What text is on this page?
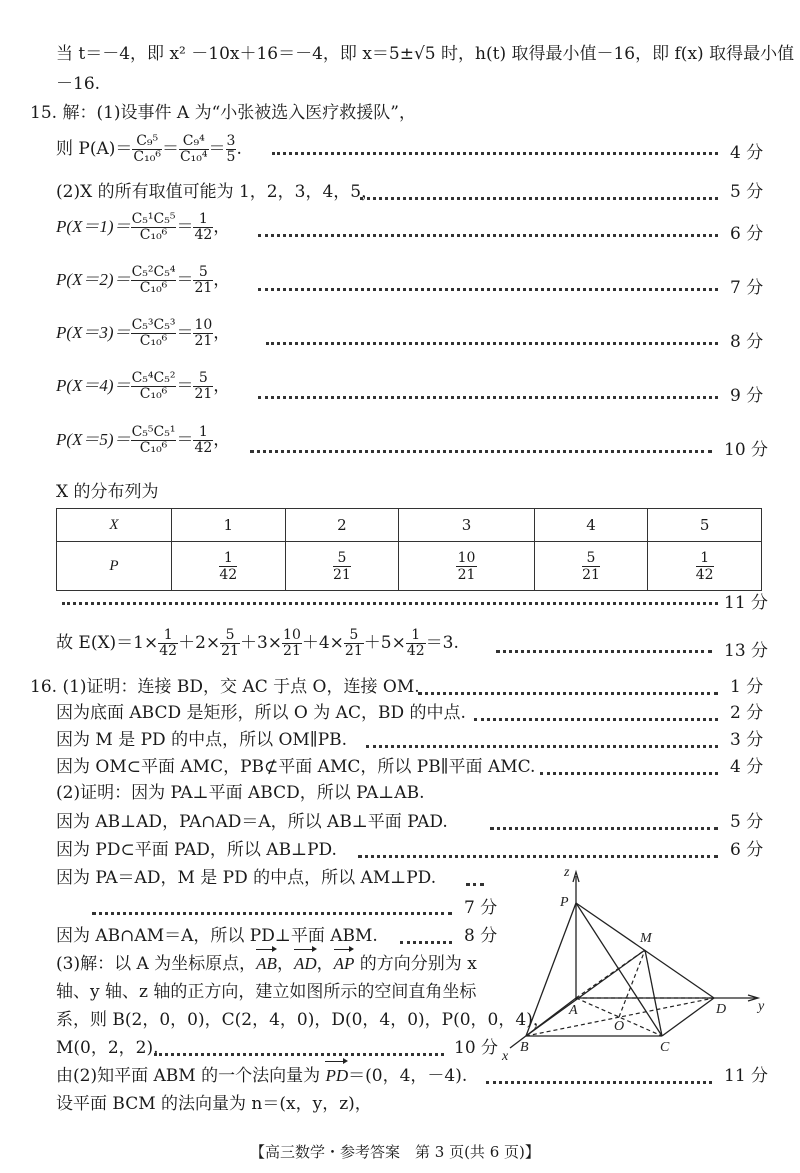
当 t＝－4，即 x² －10x＋16＝－4，即 x＝5±√5 时，h(t) 取得最小值－16，即 f(x) 取得最小值
－16.
15. 解：(1)设事件 A 为“小张被选入医疗救援队”，
则 $P(A)= \frac{\text{C₉⁵}}{\text{C₁₀⁶}} = \frac{\text{C₉⁴}}{\text{C₁₀⁴}} = \frac{3}{5}$ .	4 分
(2)X 的所有取值可能为 1，2，3，4，5，	5 分
$P(X=1)= \frac{\text{C₅¹C₅⁵}}{\text{C₁₀⁶}} = \frac{1}{42}$ ，	6 分
$P(X=2)= \frac{\text{C₅²C₅⁴}}{\text{C₁₀⁶}} = \frac{5}{21}$ ，	7 分
$P(X=3)= \frac{\text{C₅³C₅³}}{\text{C₁₀⁶}} = \frac{10}{21}$ ，	8 分
$P(X=4)= \frac{\text{C₅⁴C₅²}}{\text{C₁₀⁶}} = \frac{5}{21}$ ，	9 分
$P(X=5)= \frac{\text{C₅⁵C₅¹}}{\text{C₁₀⁶}} = \frac{1}{42}$ ，	10 分
X 的分布列为
X	1	2	3	4	5
P	$\frac{1}{42}$	$\frac{5}{21}$	$\frac{10}{21}$	$\frac{5}{21}$	$\frac{1}{42}$
11 分
故 $E(X)=1\times \frac{1}{42} +2\times \frac{5}{21} +3\times \frac{10}{21} +4\times \frac{5}{21} +5\times \frac{1}{42} =3$.	13 分
16. (1)证明：连接 BD，交 AC 于点 O，连接 OM.	1 分
因为底面 ABCD 是矩形，所以 O 为 AC，BD 的中点.	2 分
因为 M 是 PD 的中点，所以 OM∥PB.	3 分
因为 OM⊂平面 AMC，PB⊄平面 AMC，所以 PB∥平面 AMC.	4 分
(2)证明：因为 PA⊥平面 ABCD，所以 PA⊥AB.
因为 AB⊥AD，PA∩AD＝A，所以 AB⊥平面 PAD.	5 分
因为 PD⊂平面 PAD，所以 AB⊥PD.	6 分
因为 PA＝AD，M 是 PD 的中点，所以 AM⊥PD.
7 分
因为 AB∩AM＝A，所以 PD⊥平面 ABM.	8 分
(3)解：以 A 为坐标原点，AB，AD，AP 的方向分别为 x
轴、y 轴、z 轴的正方向，建立如图所示的空间直角坐标
系，则 B(2，0，0)，C(2，4，0)，D(0，4，0)，P(0，0，4)，
M(0，2，2).	10 分
由(2)知平面 ABM 的一个法向量为 PD＝(0，4，－4).	11 分
设平面 BCM 的法向量为 n＝(x，y，z)，
z
P
M
A
O
D y
B	C
x
【高三数学・参考答案　第 3 页(共 6 页)】
